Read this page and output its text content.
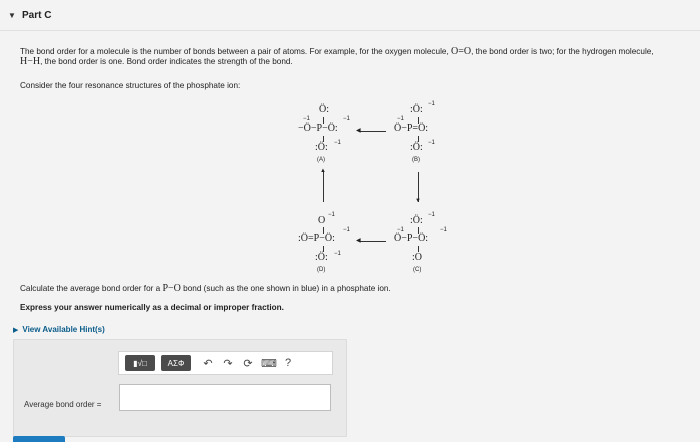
▼ Part C
The bond order for a molecule is the number of bonds between a pair of atoms. For example, for the oxygen molecule, O=O, the bond order is two; for the hydrogen molecule,
H−H, the bond order is one. Bond order indicates the strength of the bond.
Consider the four resonance structures of the phosphate ion:
Ö:
−1	−1
−Ö−P−Ö:
:Ö: −1
(A)
◀
:Ö: −1
−1
Ö−P=Ö:
:Ö: −1
(B)
▲
▼
O −1
:Ö=P−Ö:
−1
:Ö: −1
(D)
◀
:Ö: −1
−1
Ö−P−Ö:
−1
:O
(C)
Calculate the average bond order for a P−O bond (such as the one shown in blue) in a phosphate ion.
Express your answer numerically as a decimal or improper fraction.
▶ View Available Hint(s)
▮√□	ΑΣΦ	↶ ↷ ⟳ ⌨ ?
Average bond order =
